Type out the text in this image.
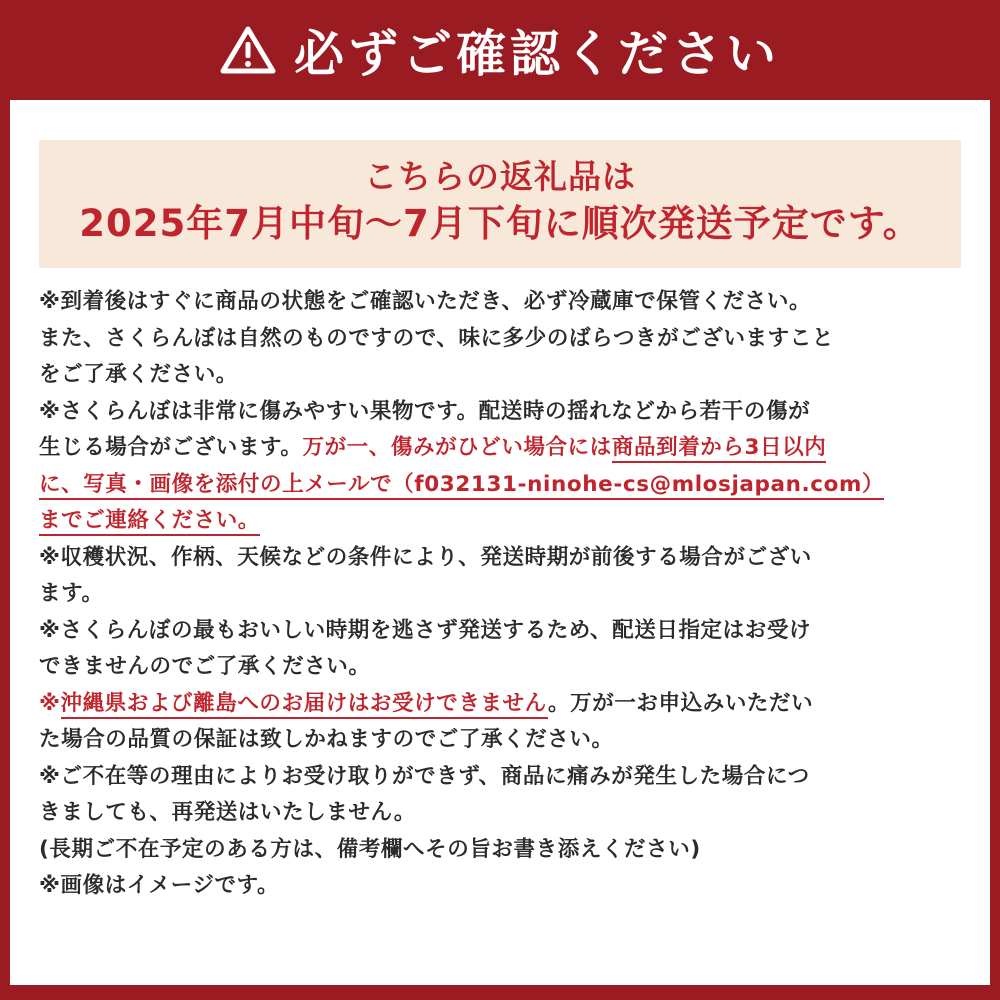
必ずご確認ください
こちらの返礼品は
2025年7月中旬～7月下旬に順次発送予定です。

※到着後はすぐに商品の状態をご確認いただき、必ず冷蔵庫で保管ください。

また、さくらんぼは自然のものですので、味に多少のばらつきがございますこと

をご了承ください。

※さくらんぼは非常に傷みやすい果物です。配送時の揺れなどから若干の傷が

生じる場合がございます。万が一、傷みがひどい場合には商品到着から3日以内

に、写真・画像を添付の上メールで（f032131-ninohe-cs@mlosjapan.com）

までご連絡ください。

※収穫状況、作柄、天候などの条件により、発送時期が前後する場合がござい

ます。

※さくらんぼの最もおいしい時期を逃さず発送するため、配送日指定はお受け

できませんのでご了承ください。

※沖縄県および離島へのお届けはお受けできません。万が一お申込みいただい

た場合の品質の保証は致しかねますのでご了承ください。

※ご不在等の理由によりお受け取りができず、商品に痛みが発生した場合につ

きましても、再発送はいたしません。

(長期ご不在予定のある方は、備考欄へその旨お書き添えください)

※画像はイメージです。
